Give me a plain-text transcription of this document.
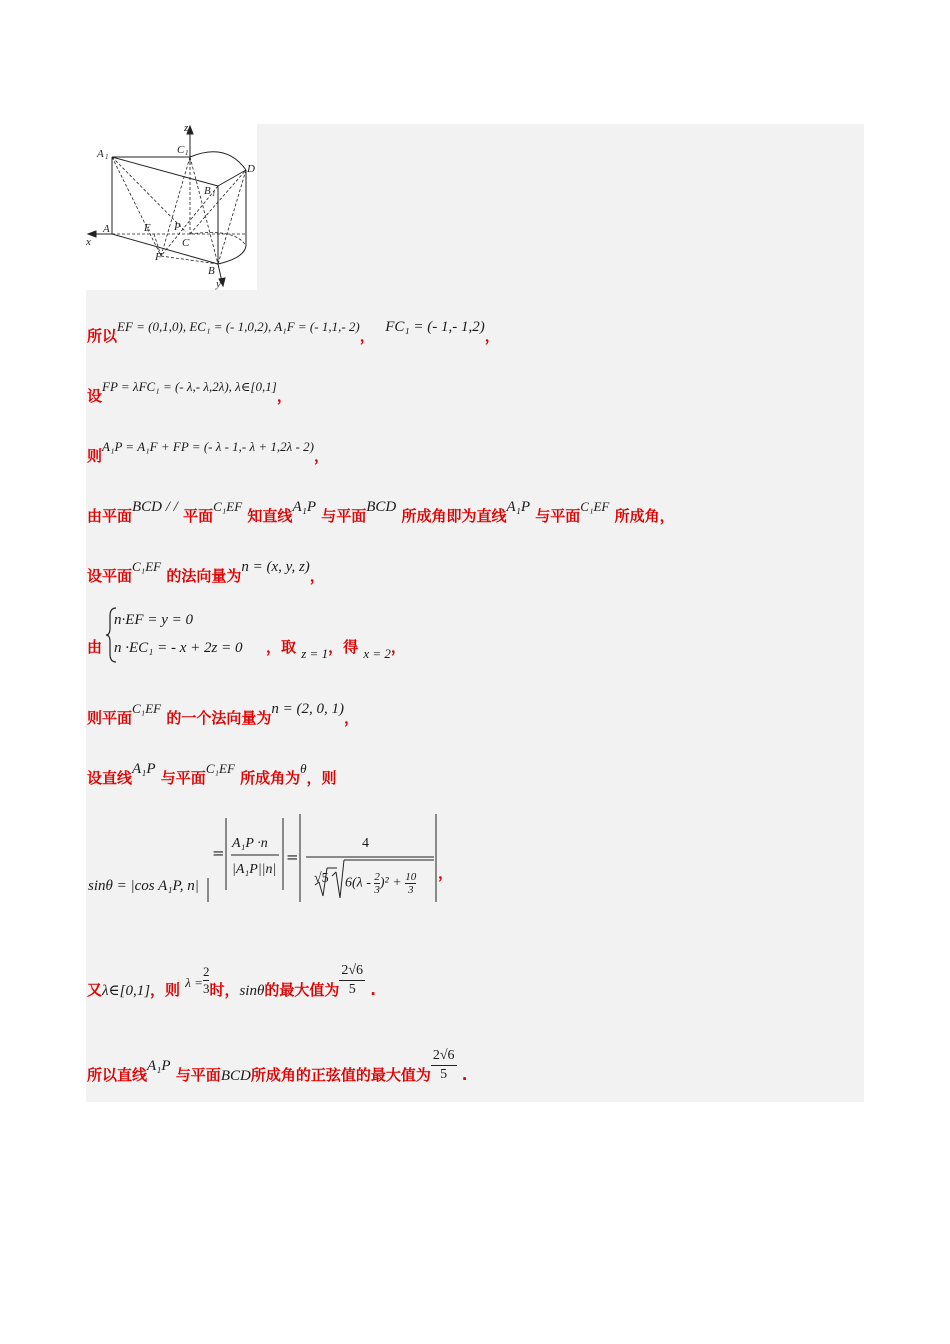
z
x
y
A 1
C 1
B 1
D
A	E P
C
F
B
所以EF = (0,1,0), EC₁ = (- 1,0,2), A₁F = (- 1,1,- 2)， FC₁ = (- 1,- 1,2)，
设FP = λFC₁ = (- λ,- λ,2λ), λ∈[0,1]，
则A₁P = A₁F + FP = (- λ - 1,- λ + 1,2λ - 2)，
由平面BCD / / 平面C₁EF 知直线A₁P 与平面BCD 所成角即为直线A₁P 与平面C₁EF 所成角，
设平面C₁EF 的法向量为n = (x, y, z)，
由
n·EF = y = 0
n ·EC₁ = - x + 2z = 0 ，取 z = 1，得 x = 2，
则平面C₁EF 的一个法向量为n = (2, 0, 1)，
设直线A₁P 与平面C₁EF 所成角为θ，则
sinθ = |cos A₁P, n|
=	=
A₁P ·n
|A₁P||n|
4
√5 $6(\lambda - \frac{2}{3} )^2 + \frac{10}{3}$ ，
又λ∈[0,1]，则 $\lambda = \frac{2}{3}$ 时，sinθ的最大值为 $\frac{2√6}{5}$ .
所以直线A₁P 与平面BCD所成角的正弦值的最大值为 $\frac{2√6}{5}$ .
